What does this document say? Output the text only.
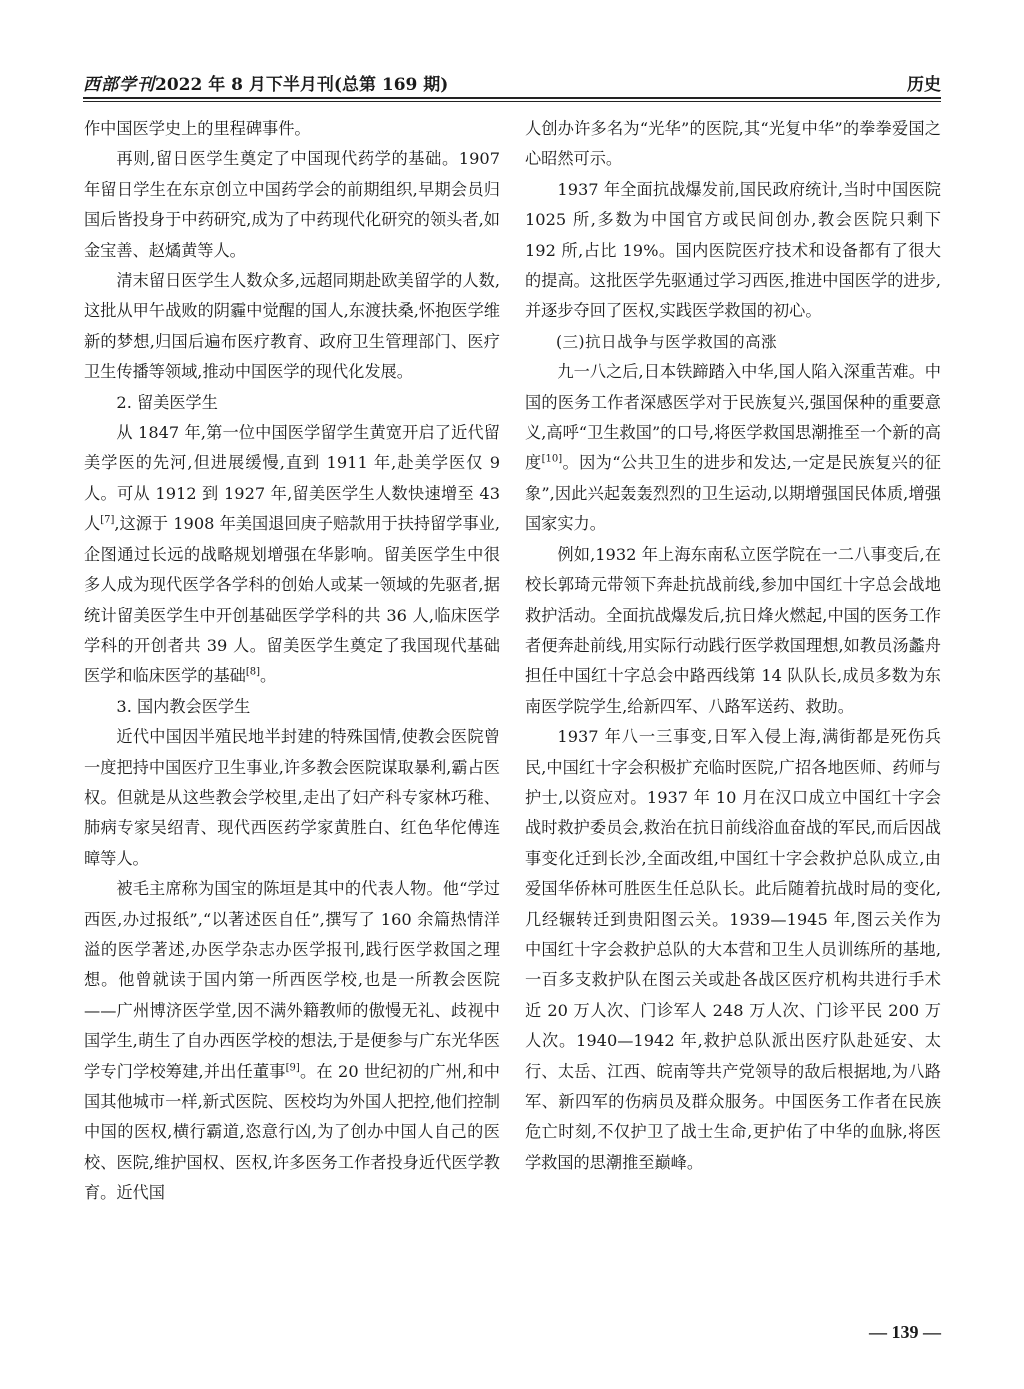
西部学刊2022 年 8 月下半月刊(总第 169 期)	历史

作中国医学史上的里程碑事件。

再则,留日医学生奠定了中国现代药学的基础。1907 年留日学生在东京创立中国药学会的前期组织,早期会员归国后皆投身于中药研究,成为了中药现代化研究的领头者,如金宝善、赵燏黄等人。

清末留日医学生人数众多,远超同期赴欧美留学的人数,这批从甲午战败的阴霾中觉醒的国人,东渡扶桑,怀抱医学维新的梦想,归国后遍布医疗教育、政府卫生管理部门、医疗卫生传播等领域,推动中国医学的现代化发展。

2. 留美医学生

从 1847 年,第一位中国医学留学生黄宽开启了近代留美学医的先河,但进展缓慢,直到 1911 年,赴美学医仅 9 人。可从 1912 到 1927 年,留美医学生人数快速增至 43 人[7],这源于 1908 年美国退回庚子赔款用于扶持留学事业,企图通过长远的战略规划增强在华影响。留美医学生中很多人成为现代医学各学科的创始人或某一领域的先驱者,据统计留美医学生中开创基础医学学科的共 36 人,临床医学学科的开创者共 39 人。留美医学生奠定了我国现代基础医学和临床医学的基础[8]。

3. 国内教会医学生

近代中国因半殖民地半封建的特殊国情,使教会医院曾一度把持中国医疗卫生事业,许多教会医院谋取暴利,霸占医权。但就是从这些教会学校里,走出了妇产科专家林巧稚、肺病专家吴绍青、现代西医药学家黄胜白、红色华佗傅连暲等人。

被毛主席称为国宝的陈垣是其中的代表人物。他“学过西医,办过报纸”,“以著述医自任”,撰写了 160 余篇热情洋溢的医学著述,办医学杂志办医学报刊,践行医学救国之理想。他曾就读于国内第一所西医学校,也是一所教会医院——广州博济医学堂,因不满外籍教师的傲慢无礼、歧视中国学生,萌生了自办西医学校的想法,于是便参与广东光华医学专门学校筹建,并出任董事[9]。在 20 世纪初的广州,和中国其他城市一样,新式医院、医校均为外国人把控,他们控制中国的医权,横行霸道,恣意行凶,为了创办中国人自己的医校、医院,维护国权、医权,许多医务工作者投身近代医学教育。近代国

人创办许多名为“光华”的医院,其“光复中华”的拳拳爱国之心昭然可示。

1937 年全面抗战爆发前,国民政府统计,当时中国医院 1025 所,多数为中国官方或民间创办,教会医院只剩下 192 所,占比 19%。国内医院医疗技术和设备都有了很大的提高。这批医学先驱通过学习西医,推进中国医学的进步,并逐步夺回了医权,实践医学救国的初心。

(三)抗日战争与医学救国的高涨

九一八之后,日本铁蹄踏入中华,国人陷入深重苦难。中国的医务工作者深感医学对于民族复兴,强国保种的重要意义,高呼“卫生救国”的口号,将医学救国思潮推至一个新的高度[10]。因为“公共卫生的进步和发达,一定是民族复兴的征象”,因此兴起轰轰烈烈的卫生运动,以期增强国民体质,增强国家实力。

例如,1932 年上海东南私立医学院在一二八事变后,在校长郭琦元带领下奔赴抗战前线,参加中国红十字总会战地救护活动。全面抗战爆发后,抗日烽火燃起,中国的医务工作者便奔赴前线,用实际行动践行医学救国理想,如教员汤蠡舟担任中国红十字总会中路西线第 14 队队长,成员多数为东南医学院学生,给新四军、八路军送药、救助。

1937 年八一三事变,日军入侵上海,满街都是死伤兵民,中国红十字会积极扩充临时医院,广招各地医师、药师与护士,以资应对。1937 年 10 月在汉口成立中国红十字会战时救护委员会,救治在抗日前线浴血奋战的军民,而后因战事变化迁到长沙,全面改组,中国红十字会救护总队成立,由爱国华侨林可胜医生任总队长。此后随着抗战时局的变化,几经辗转迁到贵阳图云关。1939—1945 年,图云关作为中国红十字会救护总队的大本营和卫生人员训练所的基地,一百多支救护队在图云关或赴各战区医疗机构共进行手术近 20 万人次、门诊军人 248 万人次、门诊平民 200 万人次。1940—1942 年,救护总队派出医疗队赴延安、太行、太岳、江西、皖南等共产党领导的敌后根据地,为八路军、新四军的伤病员及群众服务。中国医务工作者在民族危亡时刻,不仅护卫了战士生命,更护佑了中华的血脉,将医学救国的思潮推至巅峰。

— 139 —
